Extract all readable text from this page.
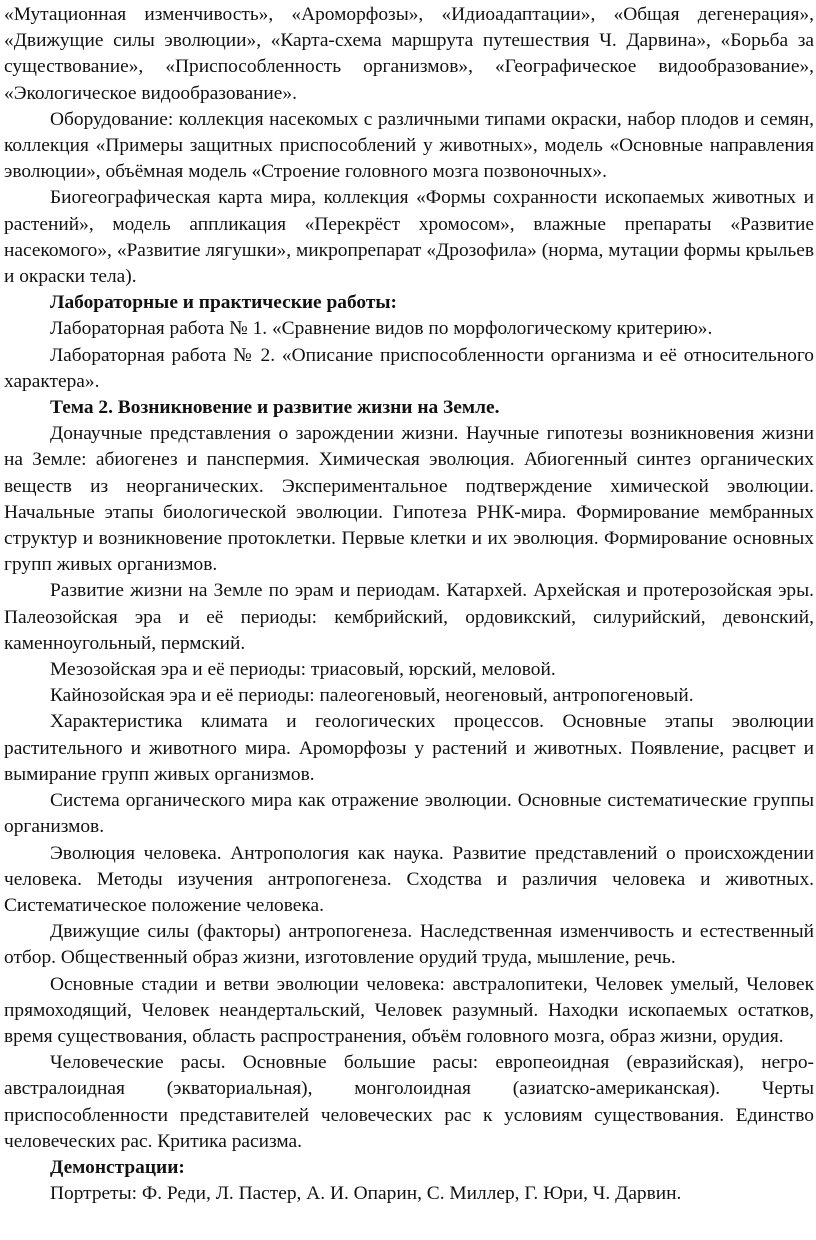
«Мутационная изменчивость», «Ароморфозы», «Идиоадаптации», «Общая дегенерация», «Движущие силы эволюции», «Карта-схема маршрута путешествия Ч. Дарвина», «Борьба за существование», «Приспособленность организмов», «Географическое видообразование», «Экологическое видообразование».
Оборудование: коллекция насекомых с различными типами окраски, набор плодов и семян, коллекция «Примеры защитных приспособлений у животных», модель «Основные направления эволюции», объёмная модель «Строение головного мозга позвоночных».
Биогеографическая карта мира, коллекция «Формы сохранности ископаемых животных и растений», модель аппликация «Перекрёст хромосом», влажные препараты «Развитие насекомого», «Развитие лягушки», микропрепарат «Дрозофила» (норма, мутации формы крыльев и окраски тела).
Лабораторные и практические работы:
Лабораторная работа № 1. «Сравнение видов по морфологическому критерию».
Лабораторная работа № 2. «Описание приспособленности организма и её относительного характера».
Тема 2. Возникновение и развитие жизни на Земле.
Донаучные представления о зарождении жизни. Научные гипотезы возникновения жизни на Земле: абиогенез и панспермия. Химическая эволюция. Абиогенный синтез органических веществ из неорганических. Экспериментальное подтверждение химической эволюции. Начальные этапы биологической эволюции. Гипотеза РНК-мира. Формирование мембранных структур и возникновение протоклетки. Первые клетки и их эволюция. Формирование основных групп живых организмов.
Развитие жизни на Земле по эрам и периодам. Катархей. Архейская и протерозойская эры. Палеозойская эра и её периоды: кембрийский, ордовикский, силурийский, девонский, каменноугольный, пермский.
Мезозойская эра и её периоды: триасовый, юрский, меловой.
Кайнозойская эра и её периоды: палеогеновый, неогеновый, антропогеновый.
Характеристика климата и геологических процессов. Основные этапы эволюции растительного и животного мира. Ароморфозы у растений и животных. Появление, расцвет и вымирание групп живых организмов.
Система органического мира как отражение эволюции. Основные систематические группы организмов.
Эволюция человека. Антропология как наука. Развитие представлений о происхождении человека. Методы изучения антропогенеза. Сходства и различия человека и животных. Систематическое положение человека.
Движущие силы (факторы) антропогенеза. Наследственная изменчивость и естественный отбор. Общественный образ жизни, изготовление орудий труда, мышление, речь.
Основные стадии и ветви эволюции человека: австралопитеки, Человек умелый, Человек прямоходящий, Человек неандертальский, Человек разумный. Находки ископаемых остатков, время существования, область распространения, объём головного мозга, образ жизни, орудия.
Человеческие расы. Основные большие расы: европеоидная (евразийская), негро-австралоидная (экваториальная), монголоидная (азиатско-американская). Черты приспособленности представителей человеческих рас к условиям существования. Единство человеческих рас. Критика расизма.
Демонстрации:
Портреты: Ф. Реди, Л. Пастер, А. И. Опарин, С. Миллер, Г. Юри, Ч. Дарвин.
